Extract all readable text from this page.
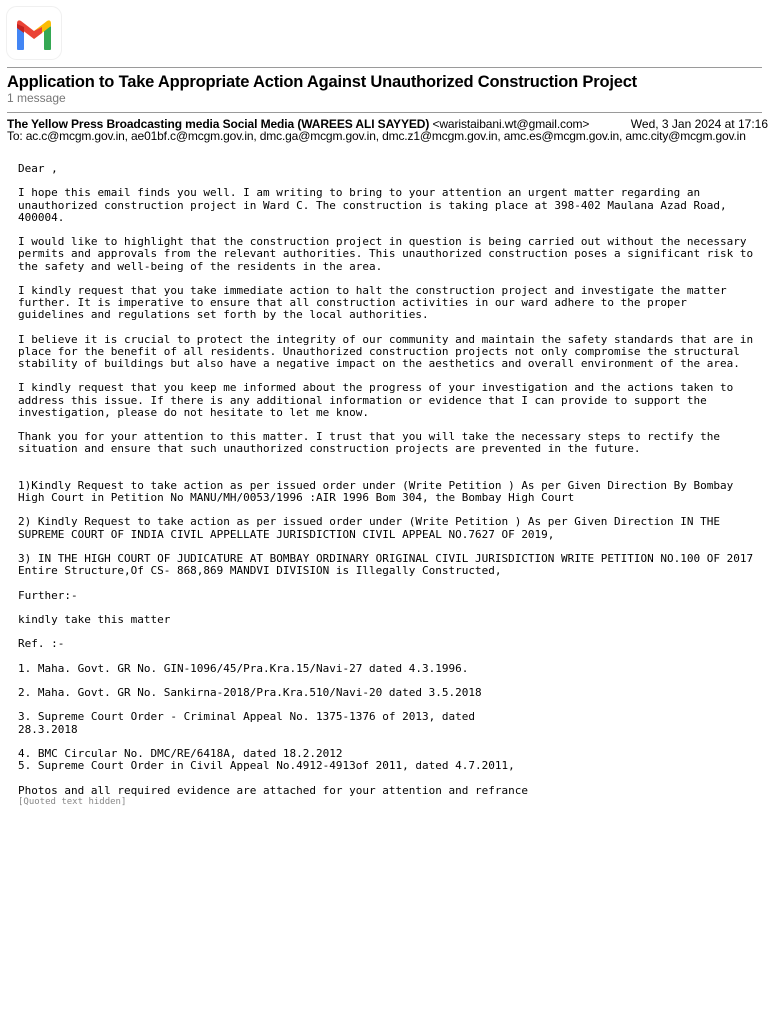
Application to Take Appropriate Action Against Unauthorized Construction Project
1 message
The Yellow Press Broadcasting media Social Media (WAREES ALI SAYYED) <waristaibani.wt@gmail.com>	Wed, 3 Jan 2024 at 17:16
To: ac.c@mcgm.gov.in, ae01bf.c@mcgm.gov.in, dmc.ga@mcgm.gov.in, dmc.z1@mcgm.gov.in, amc.es@mcgm.gov.in, amc.city@mcgm.gov.in
Dear ,
I hope this email finds you well. I am writing to bring to your attention an urgent matter regarding an
unauthorized construction project in Ward C. The construction is taking place at 398-402 Maulana Azad Road,
400004.
I would like to highlight that the construction project in question is being carried out without the necessary
permits and approvals from the relevant authorities. This unauthorized construction poses a significant risk to
the safety and well-being of the residents in the area.
I kindly request that you take immediate action to halt the construction project and investigate the matter
further. It is imperative to ensure that all construction activities in our ward adhere to the proper
guidelines and regulations set forth by the local authorities.
I believe it is crucial to protect the integrity of our community and maintain the safety standards that are in
place for the benefit of all residents. Unauthorized construction projects not only compromise the structural
stability of buildings but also have a negative impact on the aesthetics and overall environment of the area.
I kindly request that you keep me informed about the progress of your investigation and the actions taken to
address this issue. If there is any additional information or evidence that I can provide to support the
investigation, please do not hesitate to let me know.
Thank you for your attention to this matter. I trust that you will take the necessary steps to rectify the
situation and ensure that such unauthorized construction projects are prevented in the future.
1)Kindly Request to take action as per issued order under (Write Petition ) As per Given Direction By Bombay
High Court in Petition No MANU/MH/0053/1996 :AIR 1996 Bom 304, the Bombay High Court
2) Kindly Request to take action as per issued order under (Write Petition ) As per Given Direction IN THE
SUPREME COURT OF INDIA CIVIL APPELLATE JURISDICTION CIVIL APPEAL NO.7627 OF 2019,
3) IN THE HIGH COURT OF JUDICATURE AT BOMBAY ORDINARY ORIGINAL CIVIL JURISDICTION WRITE PETITION NO.100 OF 2017
Entire Structure,Of CS- 868,869 MANDVI DIVISION is Illegally Constructed,
Further:-
kindly take this matter
Ref. :-
1. Maha. Govt. GR No. GIN-1096/45/Pra.Kra.15/Navi-27 dated 4.3.1996.
2. Maha. Govt. GR No. Sankirna-2018/Pra.Kra.510/Navi-20 dated 3.5.2018
3. Supreme Court Order - Criminal Appeal No. 1375-1376 of 2013, dated
28.3.2018
4. BMC Circular No. DMC/RE/6418A, dated 18.2.2012
5. Supreme Court Order in Civil Appeal No.4912-4913of 2011, dated 4.7.2011,
Photos and all required evidence are attached for your attention and refrance
[Quoted text hidden]
